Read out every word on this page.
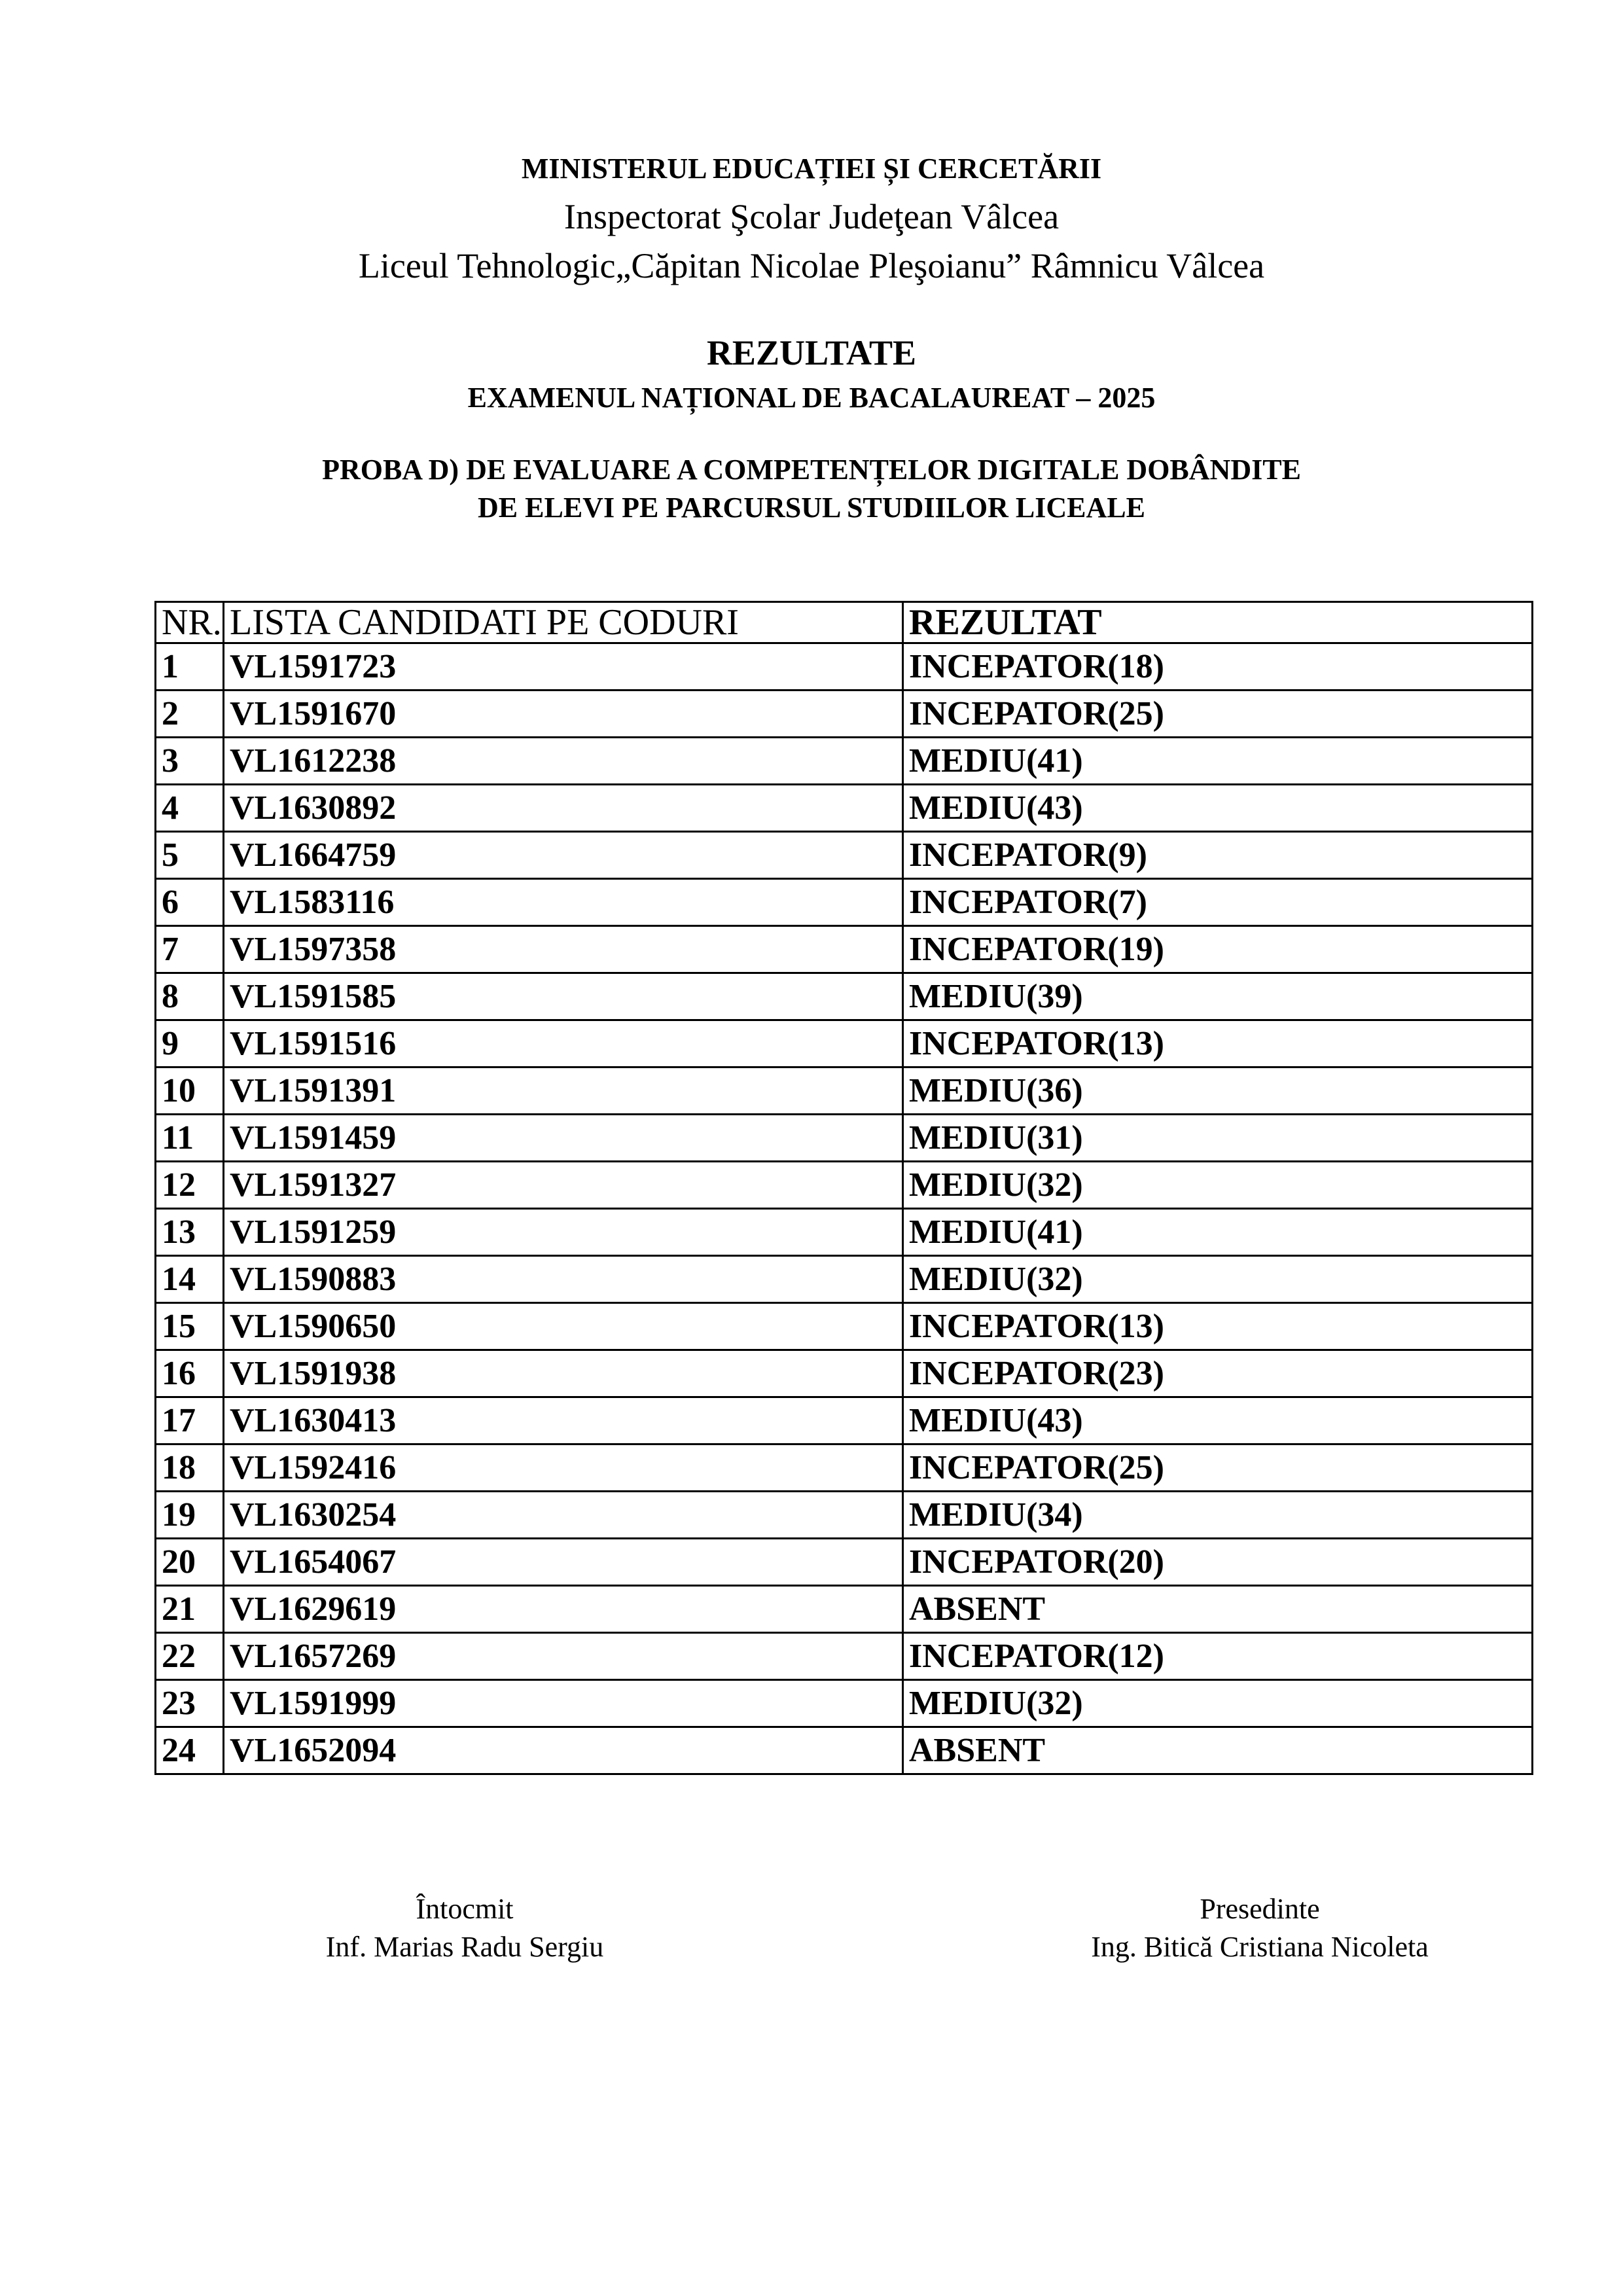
MINISTERUL EDUCAȚIEI ȘI CERCETĂRII
Inspectorat Şcolar Judeţean Vâlcea
Liceul Tehnologic„Căpitan Nicolae Pleşoianu” Râmnicu Vâlcea
REZULTATE
EXAMENUL NAȚIONAL DE BACALAUREAT – 2025
PROBA D) DE EVALUARE A COMPETENȚELOR DIGITALE DOBÂNDITE
DE ELEVI PE PARCURSUL STUDIILOR LICEALE
NR.	LISTA CANDIDATI PE CODURI	REZULTAT
1	VL1591723	INCEPATOR(18)
2	VL1591670	INCEPATOR(25)
3	VL1612238	MEDIU(41)
4	VL1630892	MEDIU(43)
5	VL1664759	INCEPATOR(9)
6	VL1583116	INCEPATOR(7)
7	VL1597358	INCEPATOR(19)
8	VL1591585	MEDIU(39)
9	VL1591516	INCEPATOR(13)
10	VL1591391	MEDIU(36)
11	VL1591459	MEDIU(31)
12	VL1591327	MEDIU(32)
13	VL1591259	MEDIU(41)
14	VL1590883	MEDIU(32)
15	VL1590650	INCEPATOR(13)
16	VL1591938	INCEPATOR(23)
17	VL1630413	MEDIU(43)
18	VL1592416	INCEPATOR(25)
19	VL1630254	MEDIU(34)
20	VL1654067	INCEPATOR(20)
21	VL1629619	ABSENT
22	VL1657269	INCEPATOR(12)
23	VL1591999	MEDIU(32)
24	VL1652094	ABSENT
Întocmit
Inf. Marias Radu Sergiu
Presedinte
Ing. Bitică Cristiana Nicoleta
